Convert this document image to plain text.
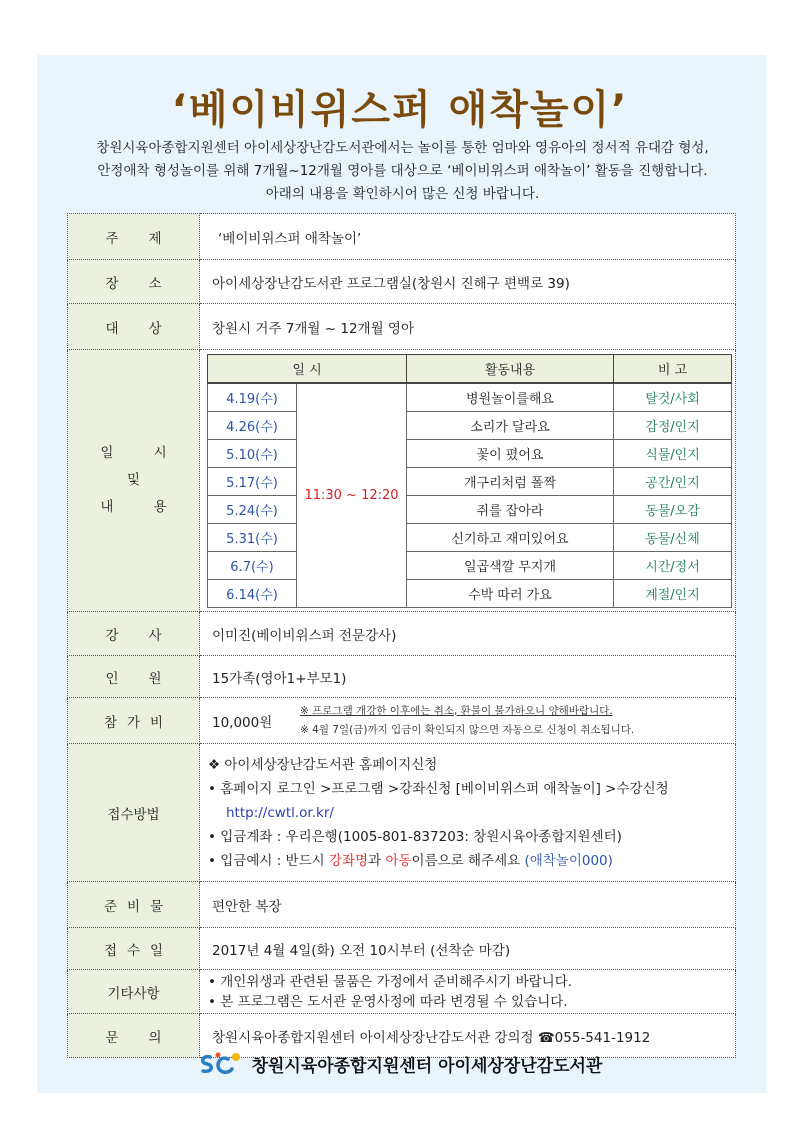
‘베이비위스퍼 애착놀이’
창원시육아종합지원센터 아이세상장난감도서관에서는 놀이를 통한 엄마와 영유아의 정서적 유대감 형성,
안정애착 형성놀이를 위해 7개월~12개월 영아를 대상으로 ‘베이비위스퍼 애착놀이’ 활동을 진행합니다.
아래의 내용을 확인하시어 많은 신청 바랍니다.
주제	‘베이비위스퍼 애착놀이’
장소	아이세상장난감도서관 프로그램실(창원시 진해구 편백로 39)
대상	창원시 거주 7개월 ~ 12개월 영아

일 시
및
내 용

일 시	활동내용	비 고
4.19(수)	11:30 ~ 12:20	병원놀이를해요	탈것/사회
4.26(수)	소리가 달라요	감정/인지
5.10(수)	꽃이 폈어요	식물/인지
5.17(수)	개구리처럼 폴짝	공간/인지
5.24(수)	쥐를 잡아라	동물/오감
5.31(수)	신기하고 재미있어요	동물/신체
6.7(수)	일곱색깔 무지개	시간/정서
6.14(수)	수박 따러 가요	계절/인지

강사	이미진(베이비위스퍼 전문강사)
인원	15가족(영아1+부모1)
참가비	10,000원
※ 프로그램 개강한 이후에는 취소, 환불이 불가하오니 양해바랍니다.
※ 4월 7일(금)까지 입금이 확인되지 않으면 자동으로 신청이 취소됩니다.

접수방법	
❖ 아이세상장난감도서관 홈페이지신청
• 홈페이지 로그인 >프로그램 >강좌신청 [베이비위스퍼 애착놀이] >수강신청
http://cwtl.or.kr/
• 입금계좌 : 우리은행(1005-801-837203: 창원시육아종합지원센터)
• 입금예시 : 반드시 강좌명과 아동이름으로 해주세요 (애착놀이000)

준비물	편안한 복장
접수일	2017년 4월 4일(화) 오전 10시부터 (선착순 마감)
기타사항	
• 개인위생과 관련된 물품은 가정에서 준비해주시기 바랍니다.
• 본 프로그램은 도서관 운영사정에 따라 변경될 수 있습니다.

문의	창원시육아종합지원센터 아이세상장난감도서관 강의정 ☎055-541-1912
창원시육아종합지원센터 아이세상장난감도서관
